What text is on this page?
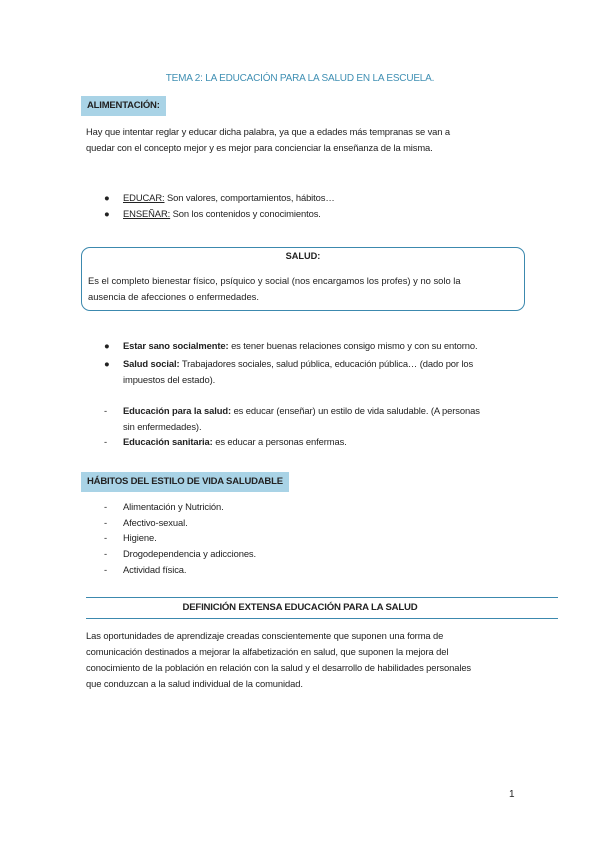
TEMA 2: LA EDUCACIÓN PARA LA SALUD EN LA ESCUELA.
ALIMENTACIÓN:
Hay que intentar reglar y educar dicha palabra, ya que a edades más tempranas se van a
quedar con el concepto mejor y es mejor para concienciar la enseñanza de la misma.
● EDUCAR: Son valores, comportamientos, hábitos…
● ENSEÑAR: Son los contenidos y conocimientos.
SALUD:
Es el completo bienestar físico, psíquico y social (nos encargamos los profes) y no solo la
ausencia de afecciones o enfermedades.
● Estar sano socialmente: es tener buenas relaciones consigo mismo y con su entorno.
● Salud social: Trabajadores sociales, salud pública, educación pública… (dado por los
impuestos del estado).
- Educación para la salud: es educar (enseñar) un estilo de vida saludable. (A personas
sin enfermedades).
- Educación sanitaria: es educar a personas enfermas.
HÁBITOS DEL ESTILO DE VIDA SALUDABLE
- Alimentación y Nutrición.
- Afectivo-sexual.
- Higiene.
- Drogodependencia y adicciones.
- Actividad física.
DEFINICIÓN EXTENSA EDUCACIÓN PARA LA SALUD
Las oportunidades de aprendizaje creadas conscientemente que suponen una forma de
comunicación destinados a mejorar la alfabetización en salud, que suponen la mejora del
conocimiento de la población en relación con la salud y el desarrollo de habilidades personales
que conduzcan a la salud individual de la comunidad.
1
